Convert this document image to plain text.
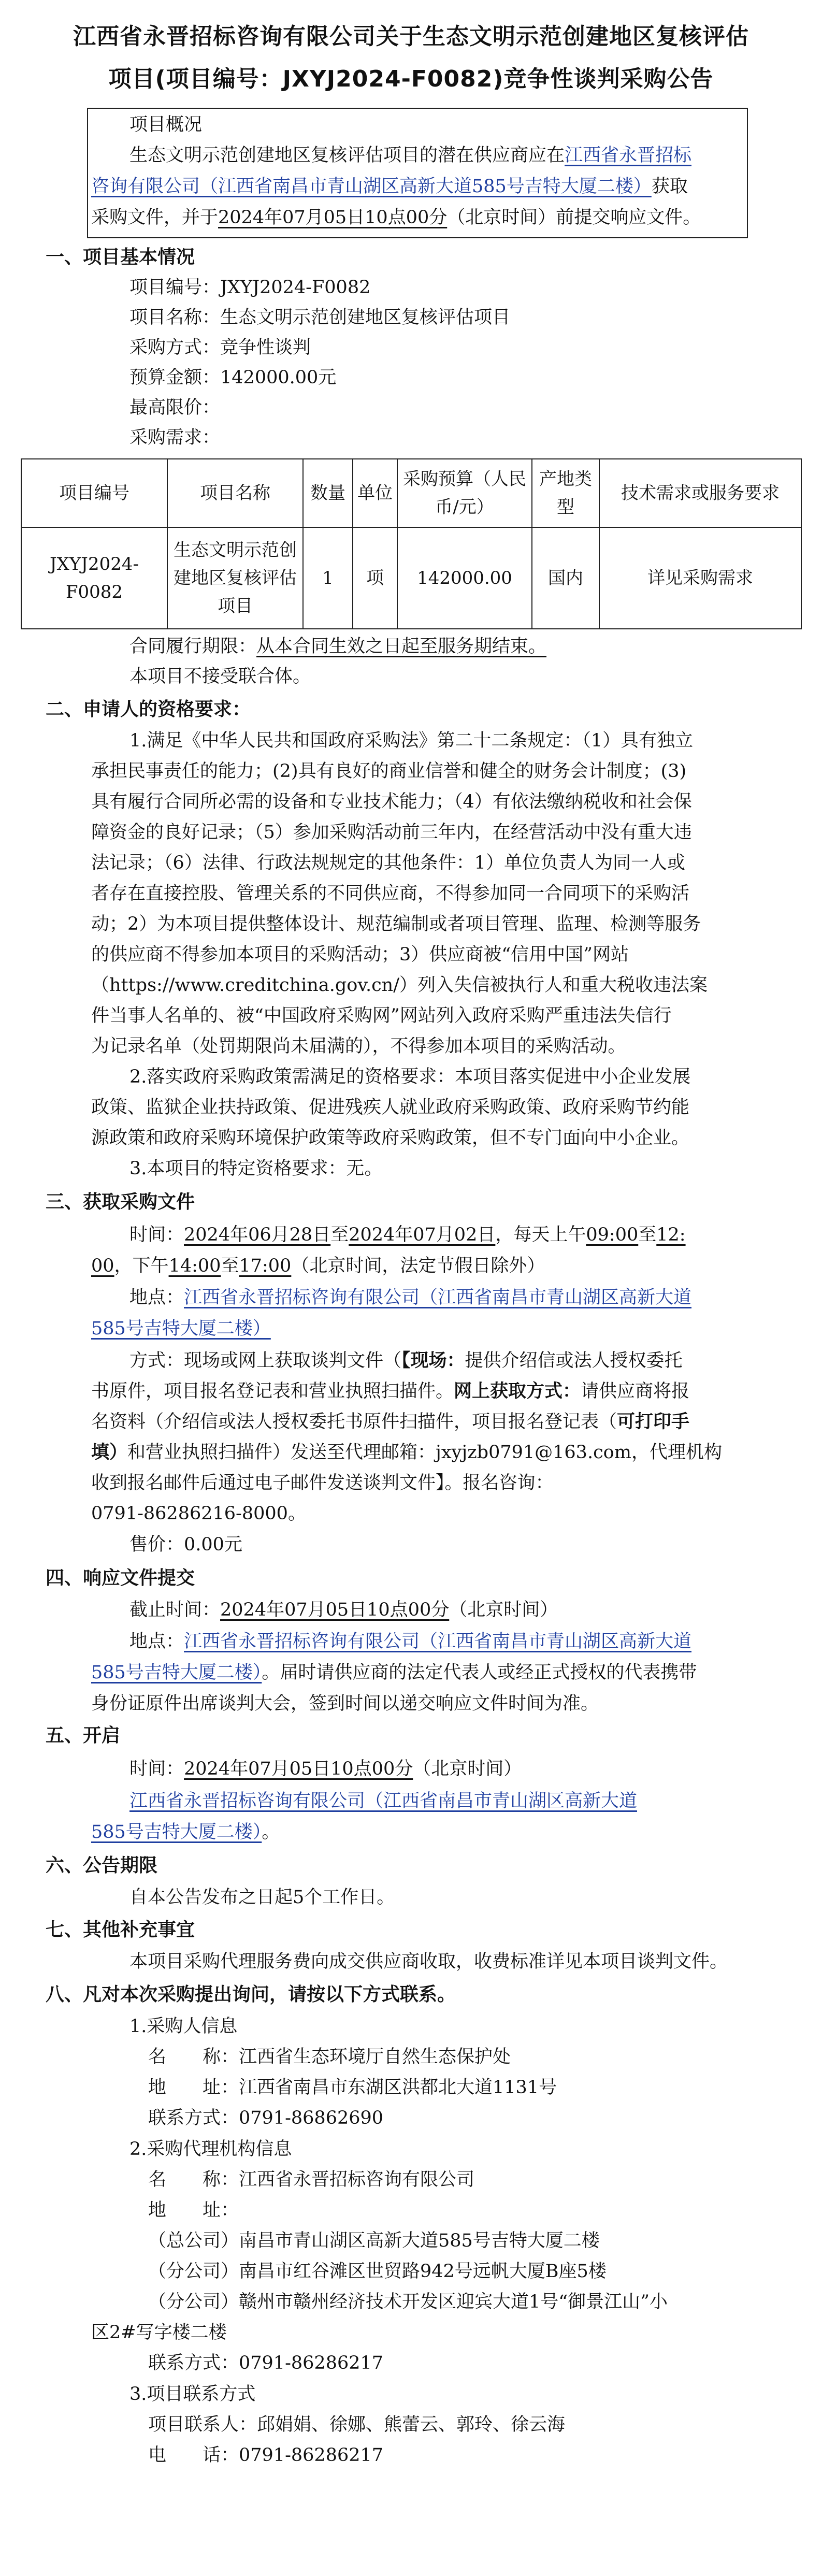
江西省永晋招标咨询有限公司关于生态文明示范创建地区复核评估
项目(项目编号：JXYJ2024-F0082)竞争性谈判采购公告
项目概况
生态文明示范创建地区复核评估项目的潜在供应商应在江西省永晋招标
咨询有限公司（江西省南昌市青山湖区高新大道585号吉特大厦二楼）获取
采购文件，并于2024年07月05日10点00分（北京时间）前提交响应文件。
一、项目基本情况
项目编号：JXYJ2024-F0082
项目名称：生态文明示范创建地区复核评估项目
采购方式：竞争性谈判
预算金额：142000.00元
最高限价：
采购需求：
项目编号	项目名称	数量	单位	采购预算（人民币/元）	产地类型	技术需求或服务要求
JXYJ2024-F0082	生态文明示范创建地区复核评估项目	1	项	142000.00	国内	详见采购需求
合同履行期限：从本合同生效之日起至服务期结束。
本项目不接受联合体。
二、申请人的资格要求：
1.满足《中华人民共和国政府采购法》第二十二条规定：（1）具有独立
承担民事责任的能力；(2)具有良好的商业信誉和健全的财务会计制度；(3)
具有履行合同所必需的设备和专业技术能力；（4）有依法缴纳税收和社会保
障资金的良好记录；（5）参加采购活动前三年内，在经营活动中没有重大违
法记录；（6）法律、行政法规规定的其他条件：1）单位负责人为同一人或
者存在直接控股、管理关系的不同供应商，不得参加同一合同项下的采购活
动；2）为本项目提供整体设计、规范编制或者项目管理、监理、检测等服务
的供应商不得参加本项目的采购活动；3）供应商被“信用中国”网站
（https://www.creditchina.gov.cn/）列入失信被执行人和重大税收违法案
件当事人名单的、被“中国政府采购网”网站列入政府采购严重违法失信行
为记录名单（处罚期限尚未届满的），不得参加本项目的采购活动。
2.落实政府采购政策需满足的资格要求：本项目落实促进中小企业发展
政策、监狱企业扶持政策、促进残疾人就业政府采购政策、政府采购节约能
源政策和政府采购环境保护政策等政府采购政策，但不专门面向中小企业。
3.本项目的特定资格要求：无。
三、获取采购文件
时间：2024年06月28日至2024年07月02日，每天上午09:00至12:
00，下午14:00至17:00（北京时间，法定节假日除外）
地点：江西省永晋招标咨询有限公司（江西省南昌市青山湖区高新大道
585号吉特大厦二楼）
方式：现场或网上获取谈判文件（【现场：提供介绍信或法人授权委托
书原件，项目报名登记表和营业执照扫描件。网上获取方式：请供应商将报
名资料（介绍信或法人授权委托书原件扫描件，项目报名登记表（可打印手
填）和营业执照扫描件）发送至代理邮箱：jxyjzb0791@163.com，代理机构
收到报名邮件后通过电子邮件发送谈判文件】。报名咨询：
0791-86286216-8000。
售价：0.00元
四、响应文件提交
截止时间：2024年07月05日10点00分（北京时间）
地点：江西省永晋招标咨询有限公司（江西省南昌市青山湖区高新大道
585号吉特大厦二楼）。届时请供应商的法定代表人或经正式授权的代表携带
身份证原件出席谈判大会，签到时间以递交响应文件时间为准。
五、开启
时间：2024年07月05日10点00分（北京时间）
江西省永晋招标咨询有限公司（江西省南昌市青山湖区高新大道
585号吉特大厦二楼）。
六、公告期限
自本公告发布之日起5个工作日。
七、其他补充事宜
本项目采购代理服务费向成交供应商收取，收费标准详见本项目谈判文件。
八、凡对本次采购提出询问，请按以下方式联系。
1.采购人信息
名　　称：江西省生态环境厅自然生态保护处
地　　址：江西省南昌市东湖区洪都北大道1131号
联系方式：0791-86862690
2.采购代理机构信息
名　　称：江西省永晋招标咨询有限公司
地　　址：
（总公司）南昌市青山湖区高新大道585号吉特大厦二楼
（分公司）南昌市红谷滩区世贸路942号远帆大厦B座5楼
（分公司）赣州市赣州经济技术开发区迎宾大道1号“御景江山”小
区2#写字楼二楼
联系方式：0791-86286217
3.项目联系方式
项目联系人：邱娟娟、徐娜、熊蕾云、郭玲、徐云海
电　　话：0791-86286217
